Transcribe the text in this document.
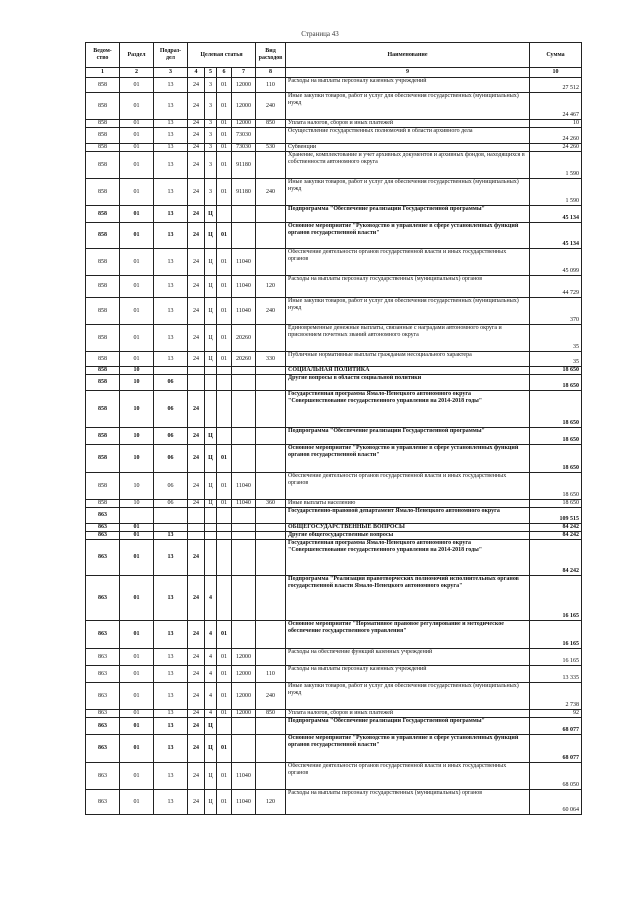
Страница 43
Ведом-ство	Раздел	Подраз-дел	Целевая статья				Вид расходов	Наименование	Сумма
1	2	3	4	5	6	7	8	9	10
858	01	13	24	3	01	12000	110	Расходы на выплаты персоналу казенных учреждений	27 512
858	01	13	24	3	01	12000	240	Иные закупки товаров, работ и услуг для обеспечения государственных (муниципальных) нужд	24 467
858	01	13	24	3	01	12000	850	Уплата налогов, сборов и иных платежей	10
858	01	13	24	3	01	73030		Осуществление государственных полномочий в области архивного дела	24 260
858	01	13	24	3	01	73030	530	Субвенции	24 260
858	01	13	24	3	01	91180		Хранение, комплектование и учет архивных документов и архивных фондов, находящихся в собственности автономного округа	1 590
858	01	13	24	3	01	91180	240	Иные закупки товаров, работ и услуг для обеспечения государственных (муниципальных) нужд	1 590
858	01	13	24	Ц				Подпрограмма "Обеспечение реализации Государственной программы"	45 134
858	01	13	24	Ц	01			Основное мероприятие "Руководство и управление в сфере установленных функций органов государственной власти"	45 134
858	01	13	24	Ц	01	11040		Обеспечение деятельности органов государственной власти и иных государственных органов	45 099
858	01	13	24	Ц	01	11040	120	Расходы на выплаты персоналу государственных (муниципальных) органов	44 729
858	01	13	24	Ц	01	11040	240	Иные закупки товаров, работ и услуг для обеспечения государственных (муниципальных) нужд	370
858	01	13	24	Ц	01	20260		Единовременные денежные выплаты, связанные с наградами автономного округа и присвоением почетных званий автономного округа	35
858	01	13	24	Ц	01	20260	330	Публичные нормативные выплаты гражданам несоциального характера	35
858	10							СОЦИАЛЬНАЯ ПОЛИТИКА	18 650
858	10	06						Другие вопросы в области социальной политики	18 650
858	10	06	24					Государственная программа Ямало-Ненецкого автономного округа "Совершенствование государственного управления на 2014-2018 годы"	18 650
858	10	06	24	Ц				Подпрограмма "Обеспечение реализации Государственной программы"	18 650
858	10	06	24	Ц	01			Основное мероприятие "Руководство и управление в сфере установленных функций органов государственной власти"	18 650
858	10	06	24	Ц	01	11040		Обеспечение деятельности органов государственной власти и иных государственных органов	18 650
858	10	06	24	Ц	01	11040	360	Иные выплаты населению	18 650
863								Государственно-правовой департамент Ямало-Ненецкого автономного округа	109 515
863	01							ОБЩЕГОСУДАРСТВЕННЫЕ ВОПРОСЫ	84 242
863	01	13						Другие общегосударственные вопросы	84 242
863	01	13	24					Государственная программа Ямало-Ненецкого автономного округа "Совершенствование государственного управления на 2014-2018 годы"	84 242
863	01	13	24	4				Подпрограмма "Реализация правотворческих полномочий исполнительных органов государственной власти Ямало-Ненецкого автономного округа"	16 165
863	01	13	24	4	01			Основное мероприятие "Нормативное правовое регулирование и методическое обеспечение государственного управления"	16 165
863	01	13	24	4	01	12000		Расходы на обеспечение функций казенных учреждений	16 165
863	01	13	24	4	01	12000	110	Расходы на выплаты персоналу казенных учреждений	13 335
863	01	13	24	4	01	12000	240	Иные закупки товаров, работ и услуг для обеспечения государственных (муниципальных) нужд	2 738
863	01	13	24	4	01	12000	850	Уплата налогов, сборов и иных платежей	92
863	01	13	24	Ц				Подпрограмма "Обеспечение реализации Государственной программы"	68 077
863	01	13	24	Ц	01			Основное мероприятие "Руководство и управление в сфере установленных функций органов государственной власти"	68 077
863	01	13	24	Ц	01	11040		Обеспечение деятельности органов государственной власти и иных государственных органов	68 050
863	01	13	24	Ц	01	11040	120	Расходы на выплаты персоналу государственных (муниципальных) органов	60 064
